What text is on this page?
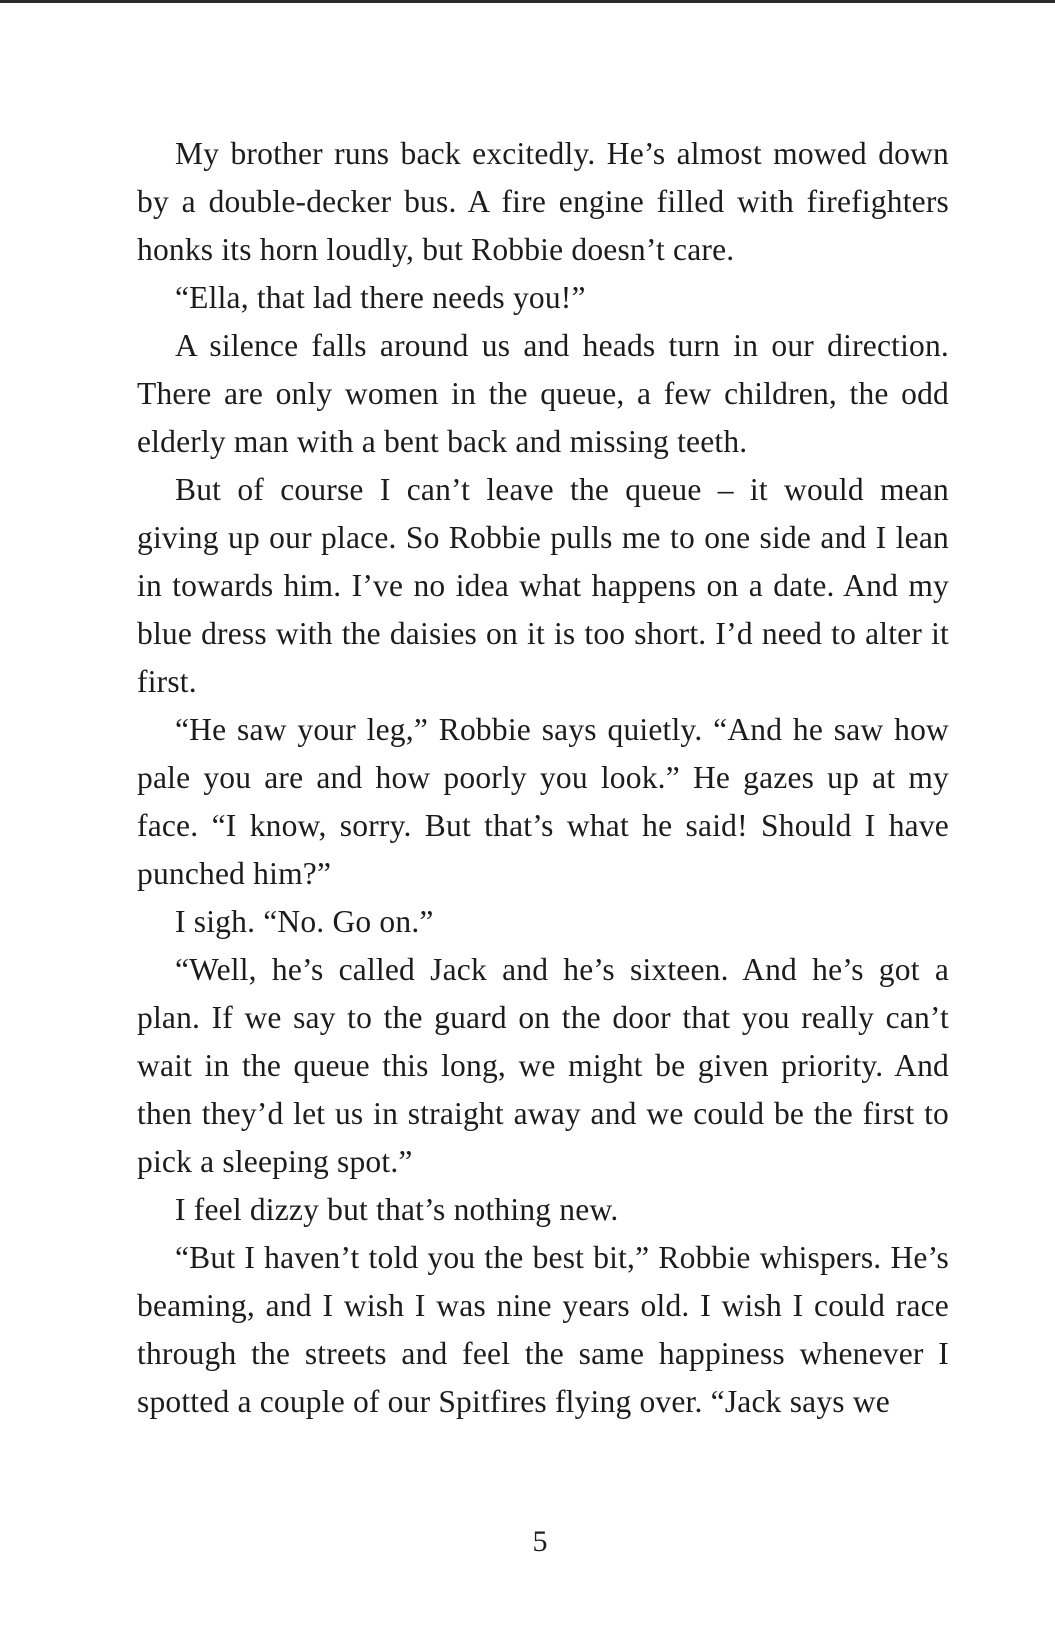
My brother runs back excitedly. He’s almost mowed down by a double-decker bus. A fire engine filled with firefighters honks its horn loudly, but Robbie doesn’t care.

“Ella, that lad there needs you!”

A silence falls around us and heads turn in our direction. There are only women in the queue, a few children, the odd elderly man with a bent back and missing teeth.

But of course I can’t leave the queue – it would mean giving up our place. So Robbie pulls me to one side and I lean in towards him. I’ve no idea what happens on a date. And my blue dress with the daisies on it is too short. I’d need to alter it first.

“He saw your leg,” Robbie says quietly. “And he saw how pale you are and how poorly you look.” He gazes up at my face. “I know, sorry. But that’s what he said! Should I have punched him?”

I sigh. “No. Go on.”

“Well, he’s called Jack and he’s sixteen. And he’s got a plan. If we say to the guard on the door that you really can’t wait in the queue this long, we might be given priority. And then they’d let us in straight away and we could be the first to pick a sleeping spot.”

I feel dizzy but that’s nothing new.

“But I haven’t told you the best bit,” Robbie whispers. He’s beaming, and I wish I was nine years old. I wish I could race through the streets and feel the same happiness whenever I spotted a couple of our Spitfires flying over. “Jack says we

5
